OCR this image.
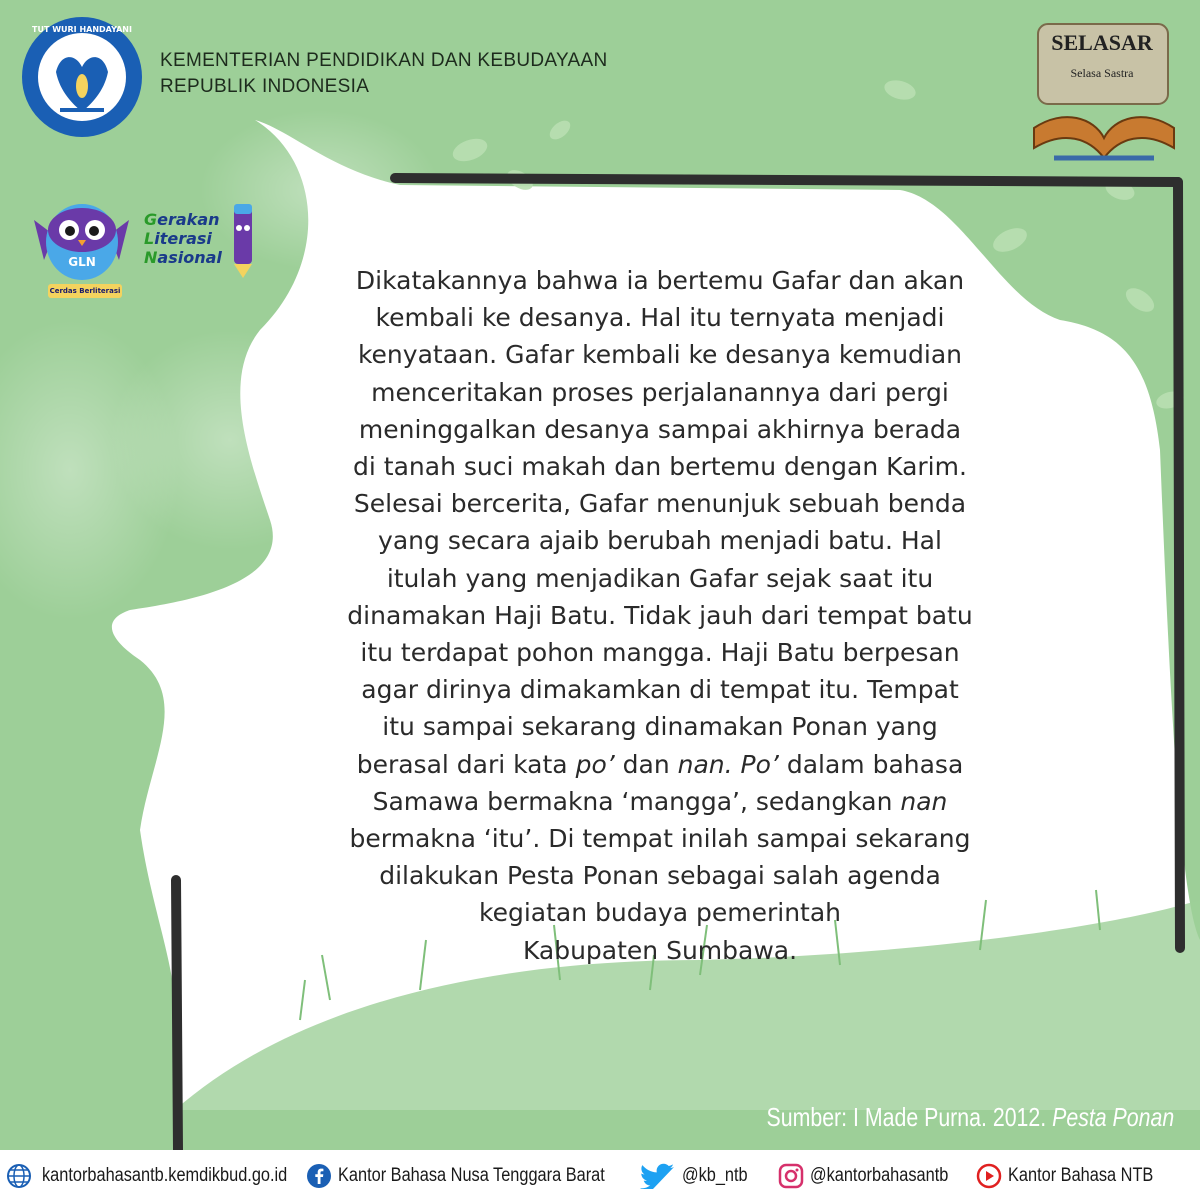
TUT WURI HANDAYANI
KEMENTERIAN PENDIDIKAN DAN KEBUDAYAAN
REPUBLIK INDONESIA
GLN
Cerdas Berliterasi
Gerakan
Literasi
Nasional
SELASAR
Selasa Sastra
Dikatakannya bahwa ia bertemu Gafar dan akan
kembali ke desanya. Hal itu ternyata menjadi
kenyataan. Gafar kembali ke desanya kemudian
menceritakan proses perjalanannya dari pergi
meninggalkan desanya sampai akhirnya berada
di tanah suci makah dan bertemu dengan Karim.
Selesai bercerita, Gafar menunjuk sebuah benda
yang secara ajaib berubah menjadi batu. Hal
itulah yang menjadikan Gafar sejak saat itu
dinamakan Haji Batu. Tidak jauh dari tempat batu
itu terdapat pohon mangga. Haji Batu berpesan
agar dirinya dimakamkan di tempat itu. Tempat
itu sampai sekarang dinamakan Ponan yang
berasal dari kata po’ dan nan. Po’ dalam bahasa
Samawa bermakna ‘mangga’, sedangkan nan
bermakna ‘itu’. Di tempat inilah sampai sekarang
dilakukan Pesta Ponan sebagai salah agenda
kegiatan budaya pemerintah
Kabupaten Sumbawa.
Sumber: I Made Purna. 2012. Pesta Ponan
kantorbahasantb.kemdikbud.go.id	Kantor Bahasa Nusa Tenggara Barat	@kb_ntb	@kantorbahasantb	Kantor Bahasa NTB
